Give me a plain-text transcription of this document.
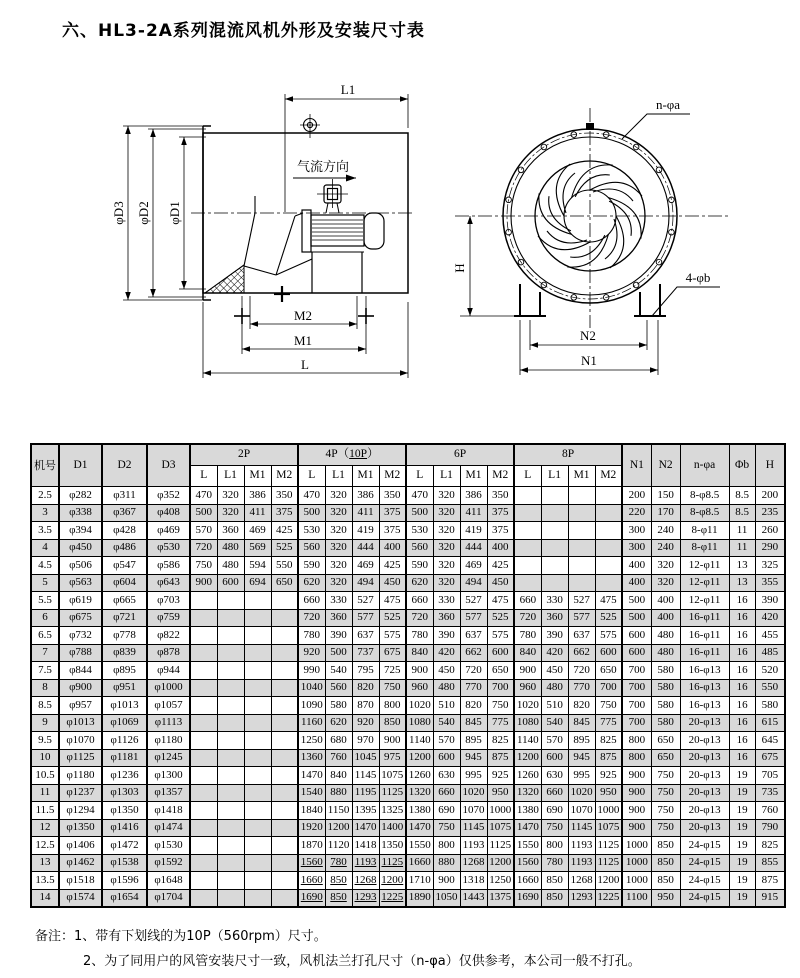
六、HL3-2A系列混流风机外形及安装尺寸表
气流方向
L1
φD3 φD2 φD1
M2
M1
L
n-φa
4-φb
H
N2
N1
机号	D1	D2	D3	2P				4P（10P）				6P				8P				N1	N2	n-φa	Φb	H
				L	L1	M1	M2	L	L1	M1	M2	L	L1	M1	M2	L	L1	M1	M2					
2.5	φ282	φ311	φ352	470	320	386	350	470	320	386	350	470	320	386	350					200	150	8-φ8.5	8.5	200
3	φ338	φ367	φ408	500	320	411	375	500	320	411	375	500	320	411	375					220	170	8-φ8.5	8.5	235
3.5	φ394	φ428	φ469	570	360	469	425	530	320	419	375	530	320	419	375					300	240	8-φ11	11	260
4	φ450	φ486	φ530	720	480	569	525	560	320	444	400	560	320	444	400					300	240	8-φ11	11	290
4.5	φ506	φ547	φ586	750	480	594	550	590	320	469	425	590	320	469	425					400	320	12-φ11	13	325
5	φ563	φ604	φ643	900	600	694	650	620	320	494	450	620	320	494	450					400	320	12-φ11	13	355
5.5	φ619	φ665	φ703					660	330	527	475	660	330	527	475	660	330	527	475	500	400	12-φ11	16	390
6	φ675	φ721	φ759					720	360	577	525	720	360	577	525	720	360	577	525	500	400	16-φ11	16	420
6.5	φ732	φ778	φ822					780	390	637	575	780	390	637	575	780	390	637	575	600	480	16-φ11	16	455
7	φ788	φ839	φ878					920	500	737	675	840	420	662	600	840	420	662	600	600	480	16-φ11	16	485
7.5	φ844	φ895	φ944					990	540	795	725	900	450	720	650	900	450	720	650	700	580	16-φ13	16	520
8	φ900	φ951	φ1000					1040	560	820	750	960	480	770	700	960	480	770	700	700	580	16-φ13	16	550
8.5	φ957	φ1013	φ1057					1090	580	870	800	1020	510	820	750	1020	510	820	750	700	580	16-φ13	16	580
9	φ1013	φ1069	φ1113					1160	620	920	850	1080	540	845	775	1080	540	845	775	700	580	20-φ13	16	615
9.5	φ1070	φ1126	φ1180					1250	680	970	900	1140	570	895	825	1140	570	895	825	800	650	20-φ13	16	645
10	φ1125	φ1181	φ1245					1360	760	1045	975	1200	600	945	875	1200	600	945	875	800	650	20-φ13	16	675
10.5	φ1180	φ1236	φ1300					1470	840	1145	1075	1260	630	995	925	1260	630	995	925	900	750	20-φ13	19	705
11	φ1237	φ1303	φ1357					1540	880	1195	1125	1320	660	1020	950	1320	660	1020	950	900	750	20-φ13	19	735
11.5	φ1294	φ1350	φ1418					1840	1150	1395	1325	1380	690	1070	1000	1380	690	1070	1000	900	750	20-φ13	19	760
12	φ1350	φ1416	φ1474					1920	1200	1470	1400	1470	750	1145	1075	1470	750	1145	1075	900	750	20-φ13	19	790
12.5	φ1406	φ1472	φ1530					1870	1120	1418	1350	1550	800	1193	1125	1550	800	1193	1125	1000	850	24-φ15	19	825
13	φ1462	φ1538	φ1592					1560	780	1193	1125	1660	880	1268	1200	1560	780	1193	1125	1000	850	24-φ15	19	855
13.5	φ1518	φ1596	φ1648					1660	850	1268	1200	1710	900	1318	1250	1660	850	1268	1200	1000	850	24-φ15	19	875
14	φ1574	φ1654	φ1704					1690	850	1293	1225	1890	1050	1443	1375	1690	850	1293	1225	1100	950	24-φ15	19	915
备注：1、带有下划线的为10P（560rpm）尺寸。
2、为了同用户的风管安装尺寸一致，风机法兰打孔尺寸（n-φa）仅供参考，本公司一般不打孔。
